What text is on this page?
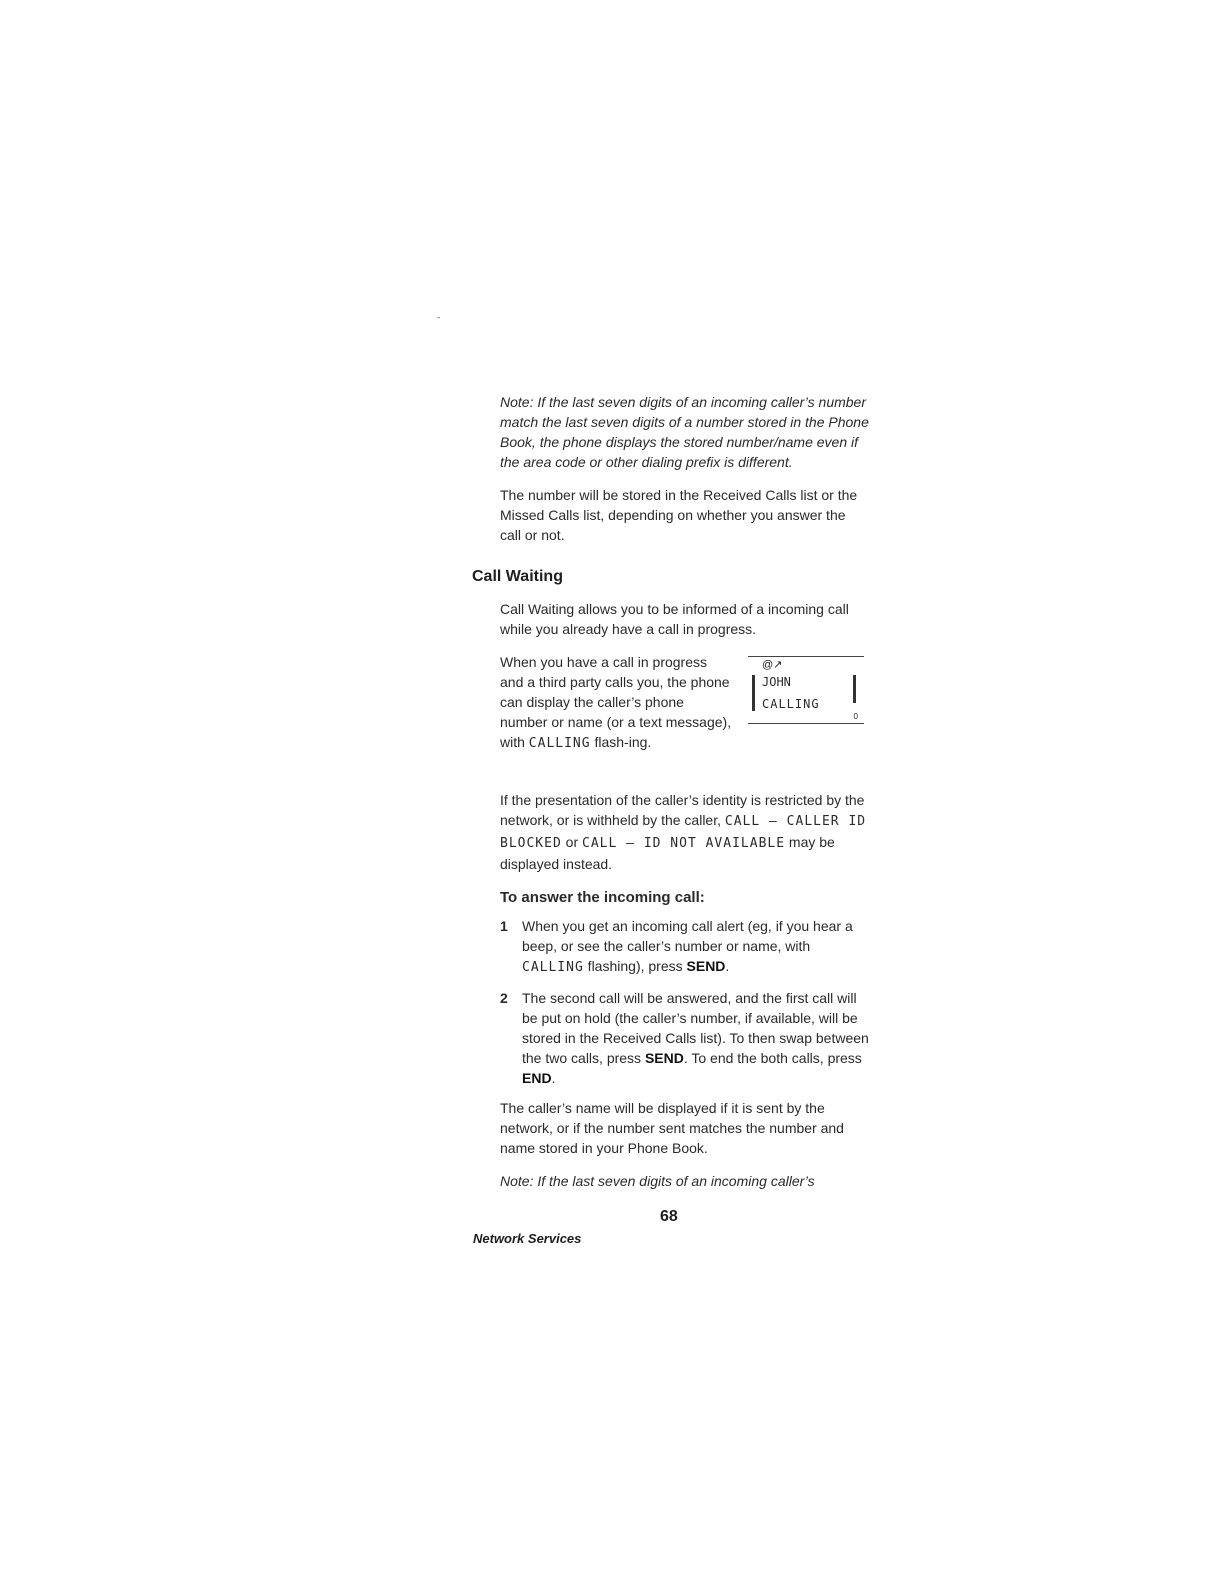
Note: If the last seven digits of an incoming caller’s number match the last seven digits of a number stored in the Phone Book, the phone displays the stored number/name even if the area code or other dialing prefix is different.

The number will be stored in the Received Calls list or the Missed Calls list, depending on whether you answer the call or not.

Call Waiting

Call Waiting allows you to be informed of a incoming call while you already have a call in progress.

When you have a call in progress and a third party calls you, the phone can display the caller’s phone number or name (or a text message), with CALLING flash-ing.
@↗
JOHN
CALLING
0

If the presentation of the caller’s identity is restricted by the network, or is withheld by the caller, CALL – CALLER ID BLOCKED or CALL – ID NOT AVAILABLE may be displayed instead.

To answer the incoming call:
1 When you get an incoming call alert (eg, if you hear a beep, or see the caller’s number or name, with CALLING flashing), press SEND.
2 The second call will be answered, and the first call will be put on hold (the caller’s number, if available, will be stored in the Received Calls list). To then swap between the two calls, press SEND. To end the both calls, press END.

The caller’s name will be displayed if it is sent by the network, or if the number sent matches the number and name stored in your Phone Book.

Note: If the last seven digits of an incoming caller’s

68
Network Services
